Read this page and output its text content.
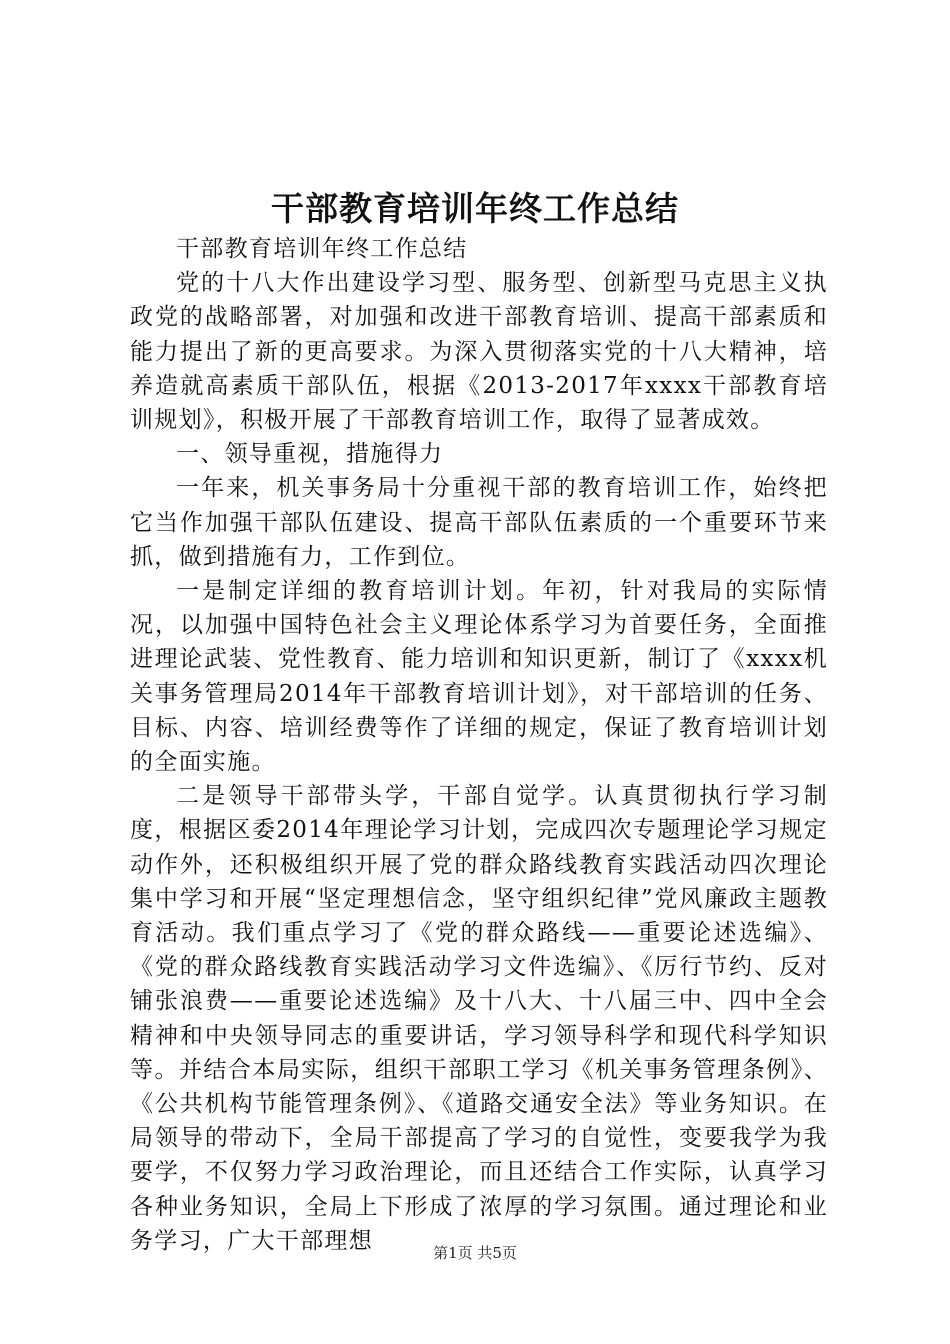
干部教育培训年终工作总结

干部教育培训年终工作总结

党的十八大作出建设学习型、服务型、创新型马克思主义执政党的战略部署，对加强和改进干部教育培训、提高干部素质和能力提出了新的更高要求。为深入贯彻落实党的十八大精神，培养造就高素质干部队伍，根据《2013-2017年xxxx干部教育培训规划》，积极开展了干部教育培训工作，取得了显著成效。

一、领导重视，措施得力

一年来，机关事务局十分重视干部的教育培训工作，始终把它当作加强干部队伍建设、提高干部队伍素质的一个重要环节来抓，做到措施有力，工作到位。

一是制定详细的教育培训计划。年初，针对我局的实际情况，以加强中国特色社会主义理论体系学习为首要任务，全面推进理论武装、党性教育、能力培训和知识更新，制订了《xxxx机关事务管理局2014年干部教育培训计划》，对干部培训的任务、目标、内容、培训经费等作了详细的规定，保证了教育培训计划的全面实施。

二是领导干部带头学，干部自觉学。认真贯彻执行学习制度，根据区委2014年理论学习计划，完成四次专题理论学习规定动作外，还积极组织开展了党的群众路线教育实践活动四次理论集中学习和开展“坚定理想信念，坚守组织纪律”党风廉政主题教育活动。我们重点学习了《党的群众路线——重要论述选编》、《党的群众路线教育实践活动学习文件选编》、《厉行节约、反对铺张浪费——重要论述选编》及十八大、十八届三中、四中全会精神和中央领导同志的重要讲话，学习领导科学和现代科学知识等。并结合本局实际，组织干部职工学习《机关事务管理条例》、《公共机构节能管理条例》、《道路交通安全法》等业务知识。在局领导的带动下，全局干部提高了学习的自觉性，变要我学为我要学，不仅努力学习政治理论，而且还结合工作实际，认真学习各种业务知识，全局上下形成了浓厚的学习氛围。通过理论和业务学习，广大干部理想	第1页 共5页
